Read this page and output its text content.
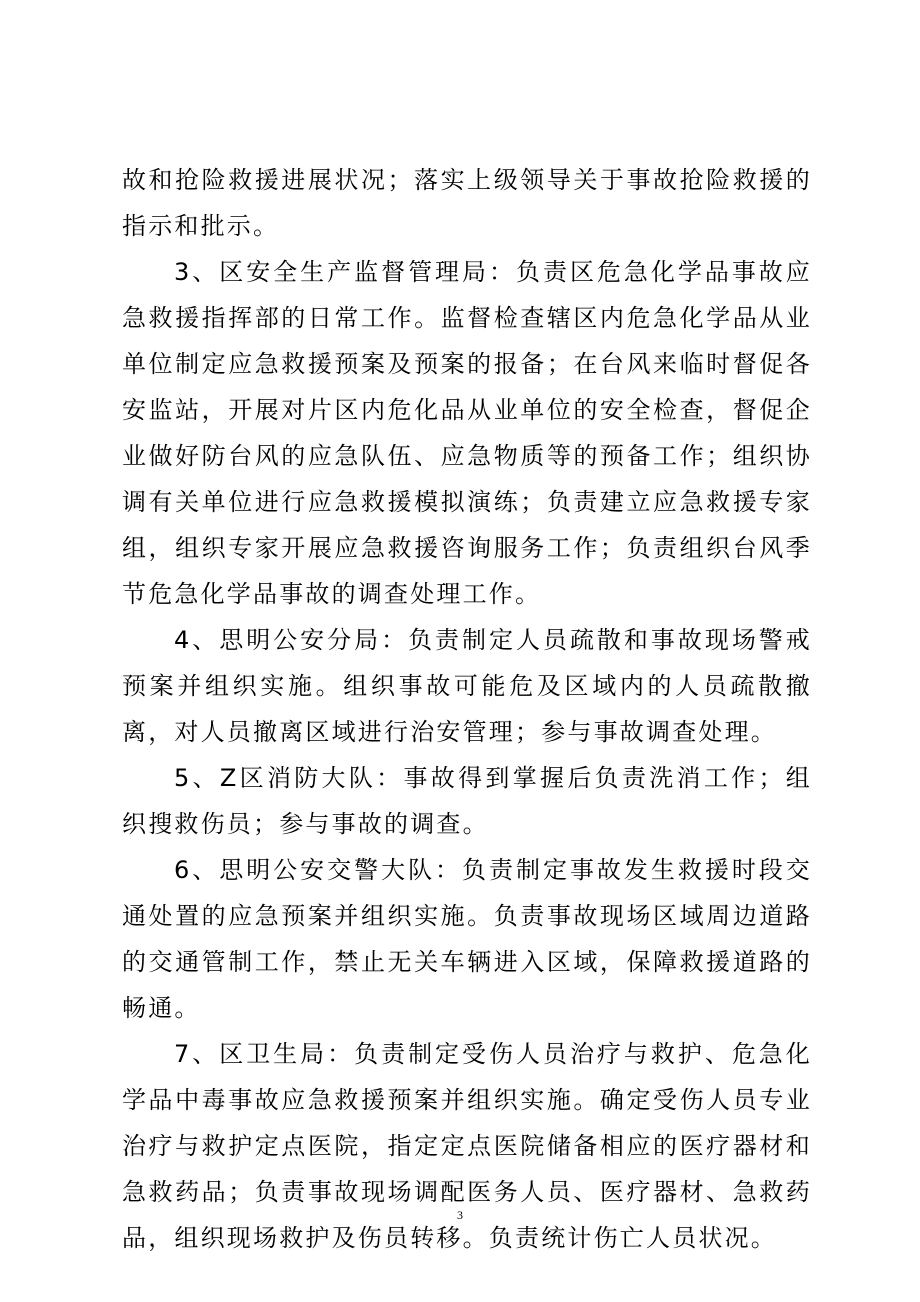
故和抢险救援进展状况；落实上级领导关于事故抢险救援的指示和批示。

3、区安全生产监督管理局：负责区危急化学品事故应急救援指挥部的日常工作。监督检查辖区内危急化学品从业单位制定应急救援预案及预案的报备；在台风来临时督促各安监站，开展对片区内危化品从业单位的安全检查，督促企业做好防台风的应急队伍、应急物质等的预备工作；组织协调有关单位进行应急救援模拟演练；负责建立应急救援专家组，组织专家开展应急救援咨询服务工作；负责组织台风季节危急化学品事故的调查处理工作。

4、思明公安分局：负责制定人员疏散和事故现场警戒预案并组织实施。组织事故可能危及区域内的人员疏散撤离，对人员撤离区域进行治安管理；参与事故调查处理。

5、Z区消防大队：事故得到掌握后负责洗消工作；组织搜救伤员；参与事故的调查。

6、思明公安交警大队：负责制定事故发生救援时段交通处置的应急预案并组织实施。负责事故现场区域周边道路的交通管制工作，禁止无关车辆进入区域，保障救援道路的畅通。

7、区卫生局：负责制定受伤人员治疗与救护、危急化学品中毒事故应急救援预案并组织实施。确定受伤人员专业治疗与救护定点医院，指定定点医院储备相应的医疗器材和急救药品；负责事故现场调配医务人员、医疗器材、急救药品，组织现场救护及伤员转移。负责统计伤亡人员状况。

3
